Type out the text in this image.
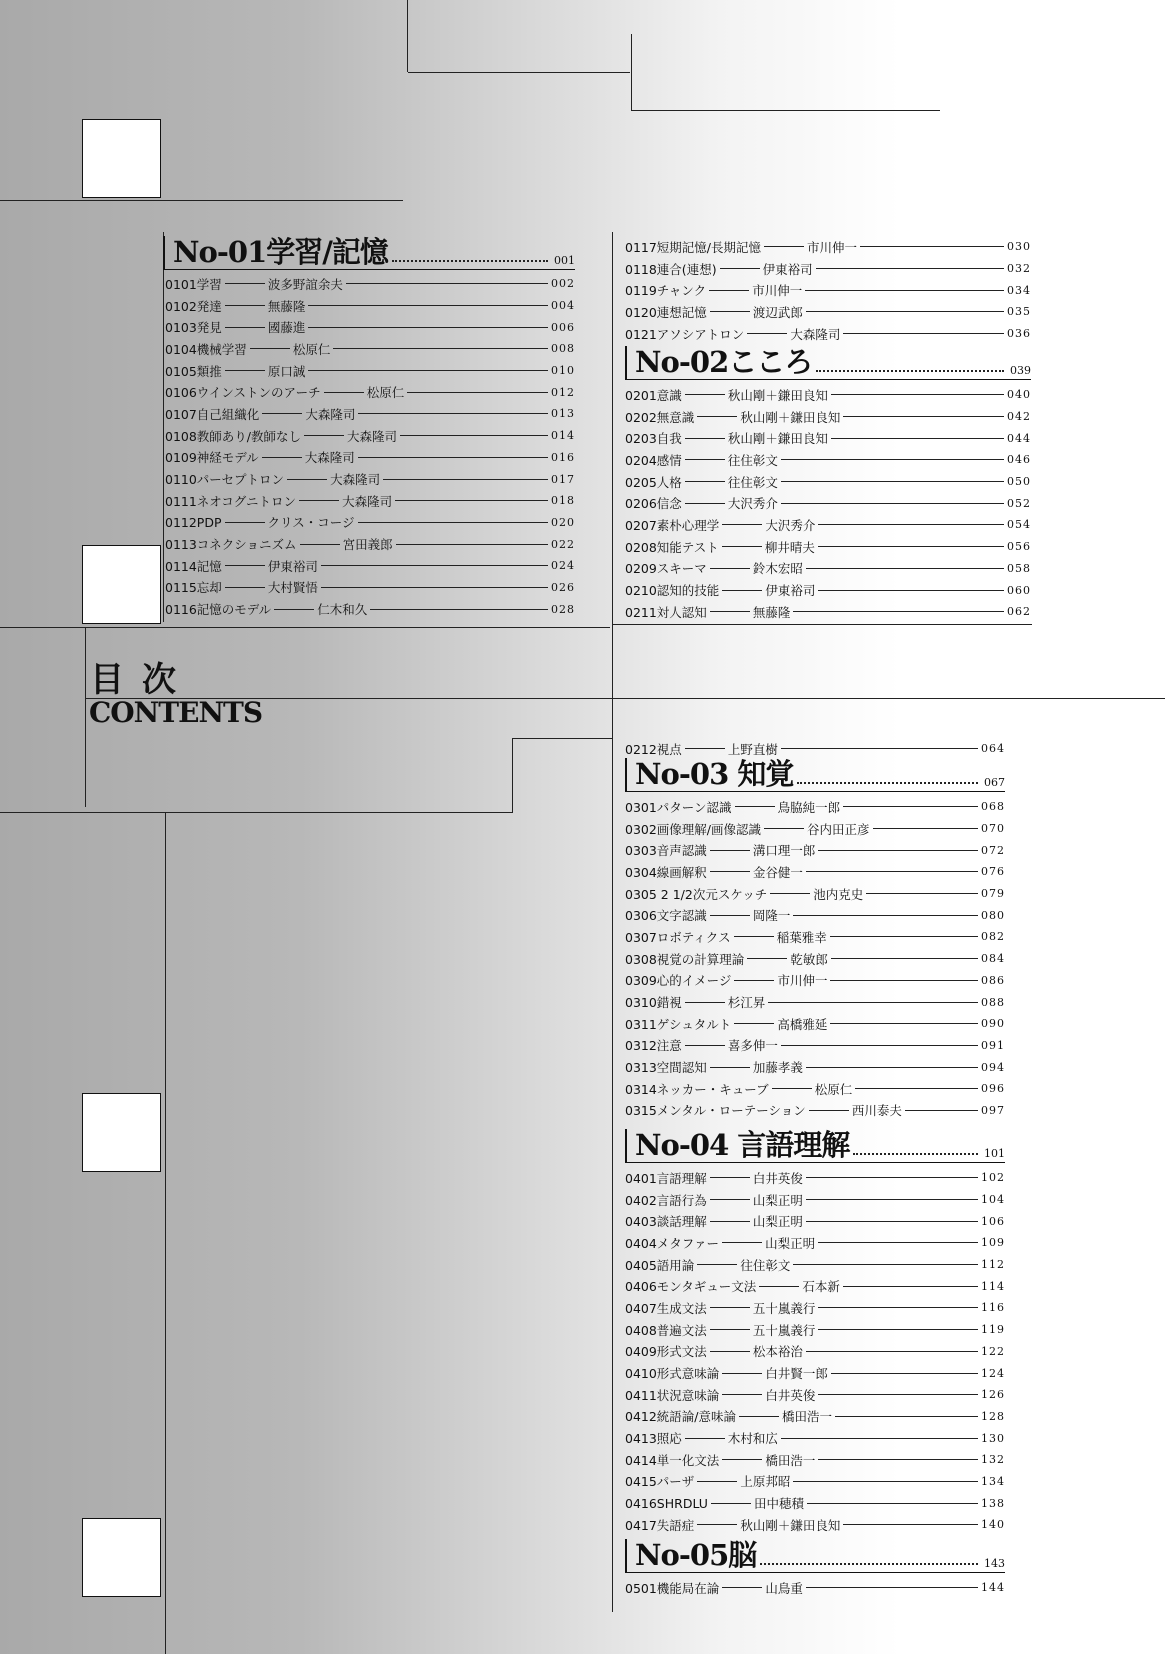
目次
CONTENTS
No-01学習/記憶	001
0101学習	波多野誼余夫	002
0102発達	無藤隆	004
0103発見	國藤進	006
0104機械学習	松原仁	008
0105類推	原口誠	010
0106ウインストンのアーチ	松原仁	012
0107自己組織化	大森隆司	013
0108教師あり/教師なし	大森隆司	014
0109神経モデル	大森隆司	016
0110パーセプトロン	大森隆司	017
0111ネオコグニトロン	大森隆司	018
0112PDP	クリス・コージ	020
0113コネクショニズム	宮田義郎	022
0114記憶	伊東裕司	024
0115忘却	大村賢悟	026
0116記憶のモデル	仁木和久	028
0117短期記憶/長期記憶	市川伸一	030
0118連合(連想)	伊東裕司	032
0119チャンク	市川伸一	034
0120連想記憶	渡辺武郎	035
0121アソシアトロン	大森隆司	036
No-02こころ	039
0201意識	秋山剛＋鎌田良知	040
0202無意識	秋山剛＋鎌田良知	042
0203自我	秋山剛＋鎌田良知	044
0204感情	往住彰文	046
0205人格	往住彰文	050
0206信念	大沢秀介	052
0207素朴心理学	大沢秀介	054
0208知能テスト	柳井晴夫	056
0209スキーマ	鈴木宏昭	058
0210認知的技能	伊東裕司	060
0211対人認知	無藤隆	062
0212視点	上野直樹	064
No-03 知覚	067
0301パターン認識	鳥脇純一郎	068
0302画像理解/画像認識	谷内田正彦	070
0303音声認識	溝口理一郎	072
0304線画解釈	金谷健一	076
0305 2 1/2次元スケッチ	池内克史	079
0306文字認識	岡隆一	080
0307ロボティクス	稲葉雅幸	082
0308視覚の計算理論	乾敏郎	084
0309心的イメージ	市川伸一	086
0310錯視	杉江昇	088
0311ゲシュタルト	高橋雅延	090
0312注意	喜多伸一	091
0313空間認知	加藤孝義	094
0314ネッカー・キューブ	松原仁	096
0315メンタル・ローテーション	西川泰夫	097
No-04 言語理解	101
0401言語理解	白井英俊	102
0402言語行為	山梨正明	104
0403談話理解	山梨正明	106
0404メタファー	山梨正明	109
0405語用論	往住彰文	112
0406モンタギュー文法	石本新	114
0407生成文法	五十嵐義行	116
0408普遍文法	五十嵐義行	119
0409形式文法	松本裕治	122
0410形式意味論	白井賢一郎	124
0411状況意味論	白井英俊	126
0412統語論/意味論	橋田浩一	128
0413照応	木村和広	130
0414単一化文法	橋田浩一	132
0415パーザ	上原邦昭	134
0416SHRDLU	田中穂積	138
0417失語症	秋山剛＋鎌田良知	140
No-05脳	143
0501機能局在論	山鳥重	144
